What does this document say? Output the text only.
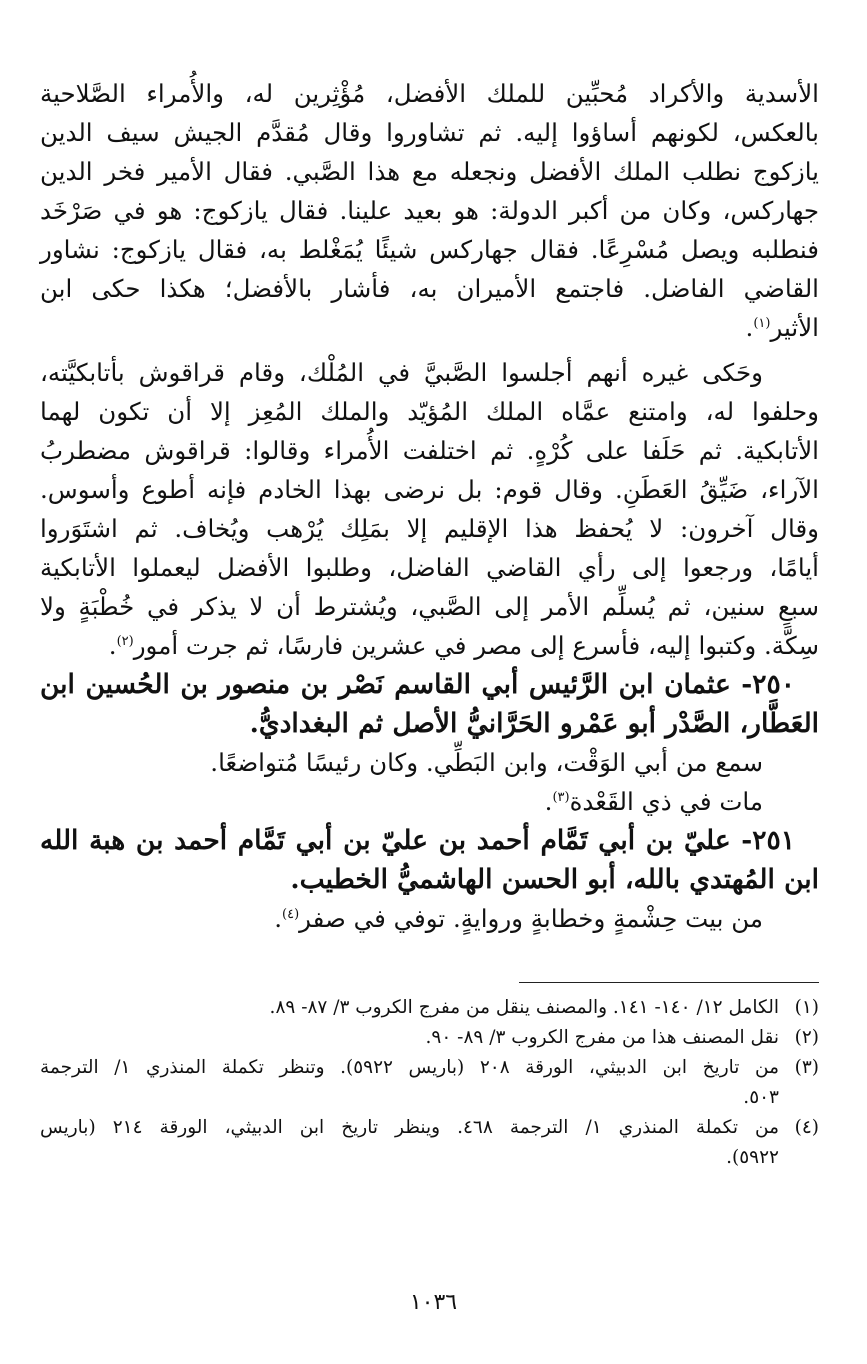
الأسدية والأكراد مُحبِّين للملك الأفضل، مُؤْثِرين له، والأُمراء الصَّلاحية
بالعكس، لكونهم أساؤوا إليه. ثم تشاوروا وقال مُقدَّم الجيش سيف الدين
يازكوج نطلب الملك الأفضل ونجعله مع هذا الصَّبي. فقال الأمير فخر الدين
جهاركس، وكان من أكبر الدولة: هو بعيد علينا. فقال يازكوج: هو في صَرْخَد
فنطلبه ويصل مُسْرِعًا. فقال جهاركس شيئًا يُمَغْلط به، فقال يازكوج: نشاور
القاضي الفاضل. فاجتمع الأميران به، فأشار بالأفضل؛ هكذا حكى ابن
الأثير$^{(١)}$.
وحَكى غيره أنهم أجلسوا الصَّبيَّ في المُلْك، وقام قراقوش بأتابكيَّته،
وحلفوا له، وامتنع عمَّاه الملك المُؤيّد والملك المُعِز إلا أن تكون لهما
الأتابكية. ثم حَلَفا على كُرْهٍ. ثم اختلفت الأُمراء وقالوا: قراقوش مضطربُ
الآراء، ضَيِّقُ العَطَنِ. وقال قوم: بل نرضى بهذا الخادم فإنه أطوع وأسوس.
وقال آخرون: لا يُحفظ هذا الإقليم إلا بمَلِك يُرْهب ويُخاف. ثم اشتَوَروا
أيامًا، ورجعوا إلى رأي القاضي الفاضل، وطلبوا الأفضل ليعملوا الأتابكية
سبعِ سنين، ثم يُسلِّم الأمر إلى الصَّبي، ويُشترط أن لا يذكر في خُطْبَةٍ ولا
سِكَّة. وكتبوا إليه، فأسرع إلى مصر في عشرين فارسًا، ثم جرت أمور$^{(٢)}$.
٢٥٠- عثمان ابن الرَّئيس أبي القاسم نَصْر بن منصور بن الحُسين ابن
العَطَّار، الصَّدْر أبو عَمْرو الحَرَّانيُّ الأصل ثم البغداديُّ.
سمع من أبي الوَقْت، وابن البَطِّي. وكان رئيسًا مُتواضعًا.
مات في ذي القَعْدة$^{(٣)}$.
٢٥١- عليّ بن أبي تَمَّام أحمد بن عليّ بن أبي تَمَّام أحمد بن هبة الله
ابن المُهتدي بالله، أبو الحسن الهاشميُّ الخطيب.
من بيت حِشْمةٍ وخطابةٍ وروايةٍ. توفي في صفر$^{(٤)}$.
(١)
الكامل ١٢/ ١٤٠- ١٤١. والمصنف ينقل من مفرج الكروب ٣/ ٨٧- ٨٩.
(٢)
نقل المصنف هذا من مفرج الكروب ٣/ ٨٩- ٩٠.
(٣)
من تاريخ ابن الدبيثي، الورقة ٢٠٨ (باريس ٥٩٢٢). وتنظر تكملة المنذري ١/ الترجمة
٥٠٣.
(٤)
من تكملة المنذري ١/ الترجمة ٤٦٨. وينظر تاريخ ابن الدبيثي، الورقة ٢١٤ (باريس
٥٩٢٢).
١٠٣٦
